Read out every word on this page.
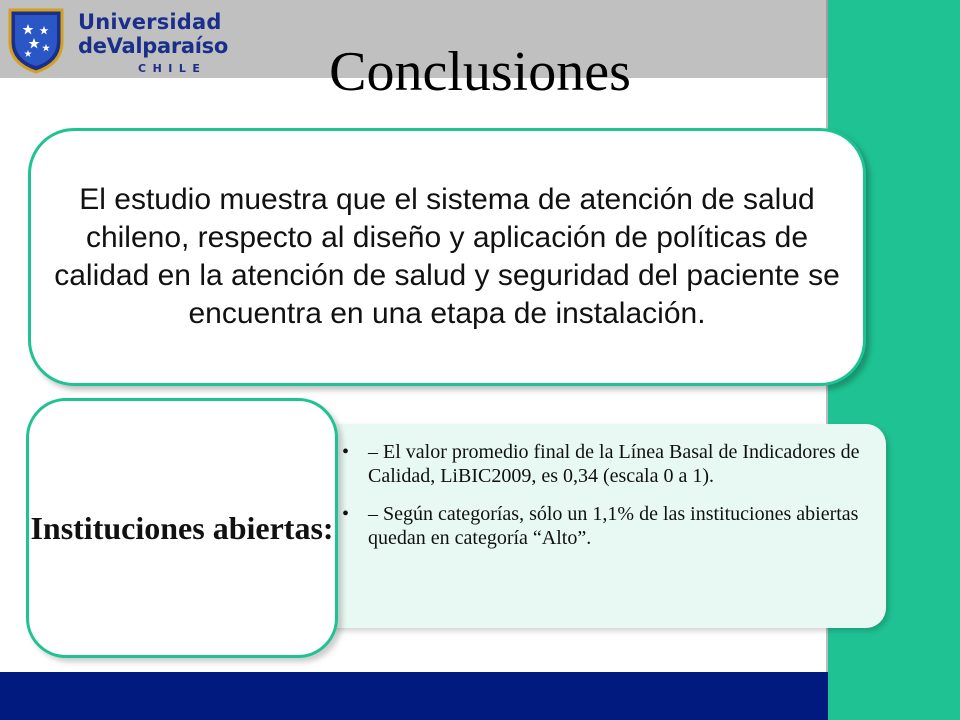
Universidad
deValparaíso
CHILE	Conclusiones
El estudio muestra que el sistema de atención de salud chileno, respecto al diseño y aplicación de políticas de calidad en la atención de salud y seguridad del paciente se encuentra en una etapa de instalación.
• – El valor promedio final de la Línea Basal de Indicadores de Calidad, LiBIC2009, es 0,34 (escala 0 a 1).
• – Según categorías, sólo un 1,1% de las instituciones abiertas quedan en categoría “Alto”.
Instituciones abiertas:
